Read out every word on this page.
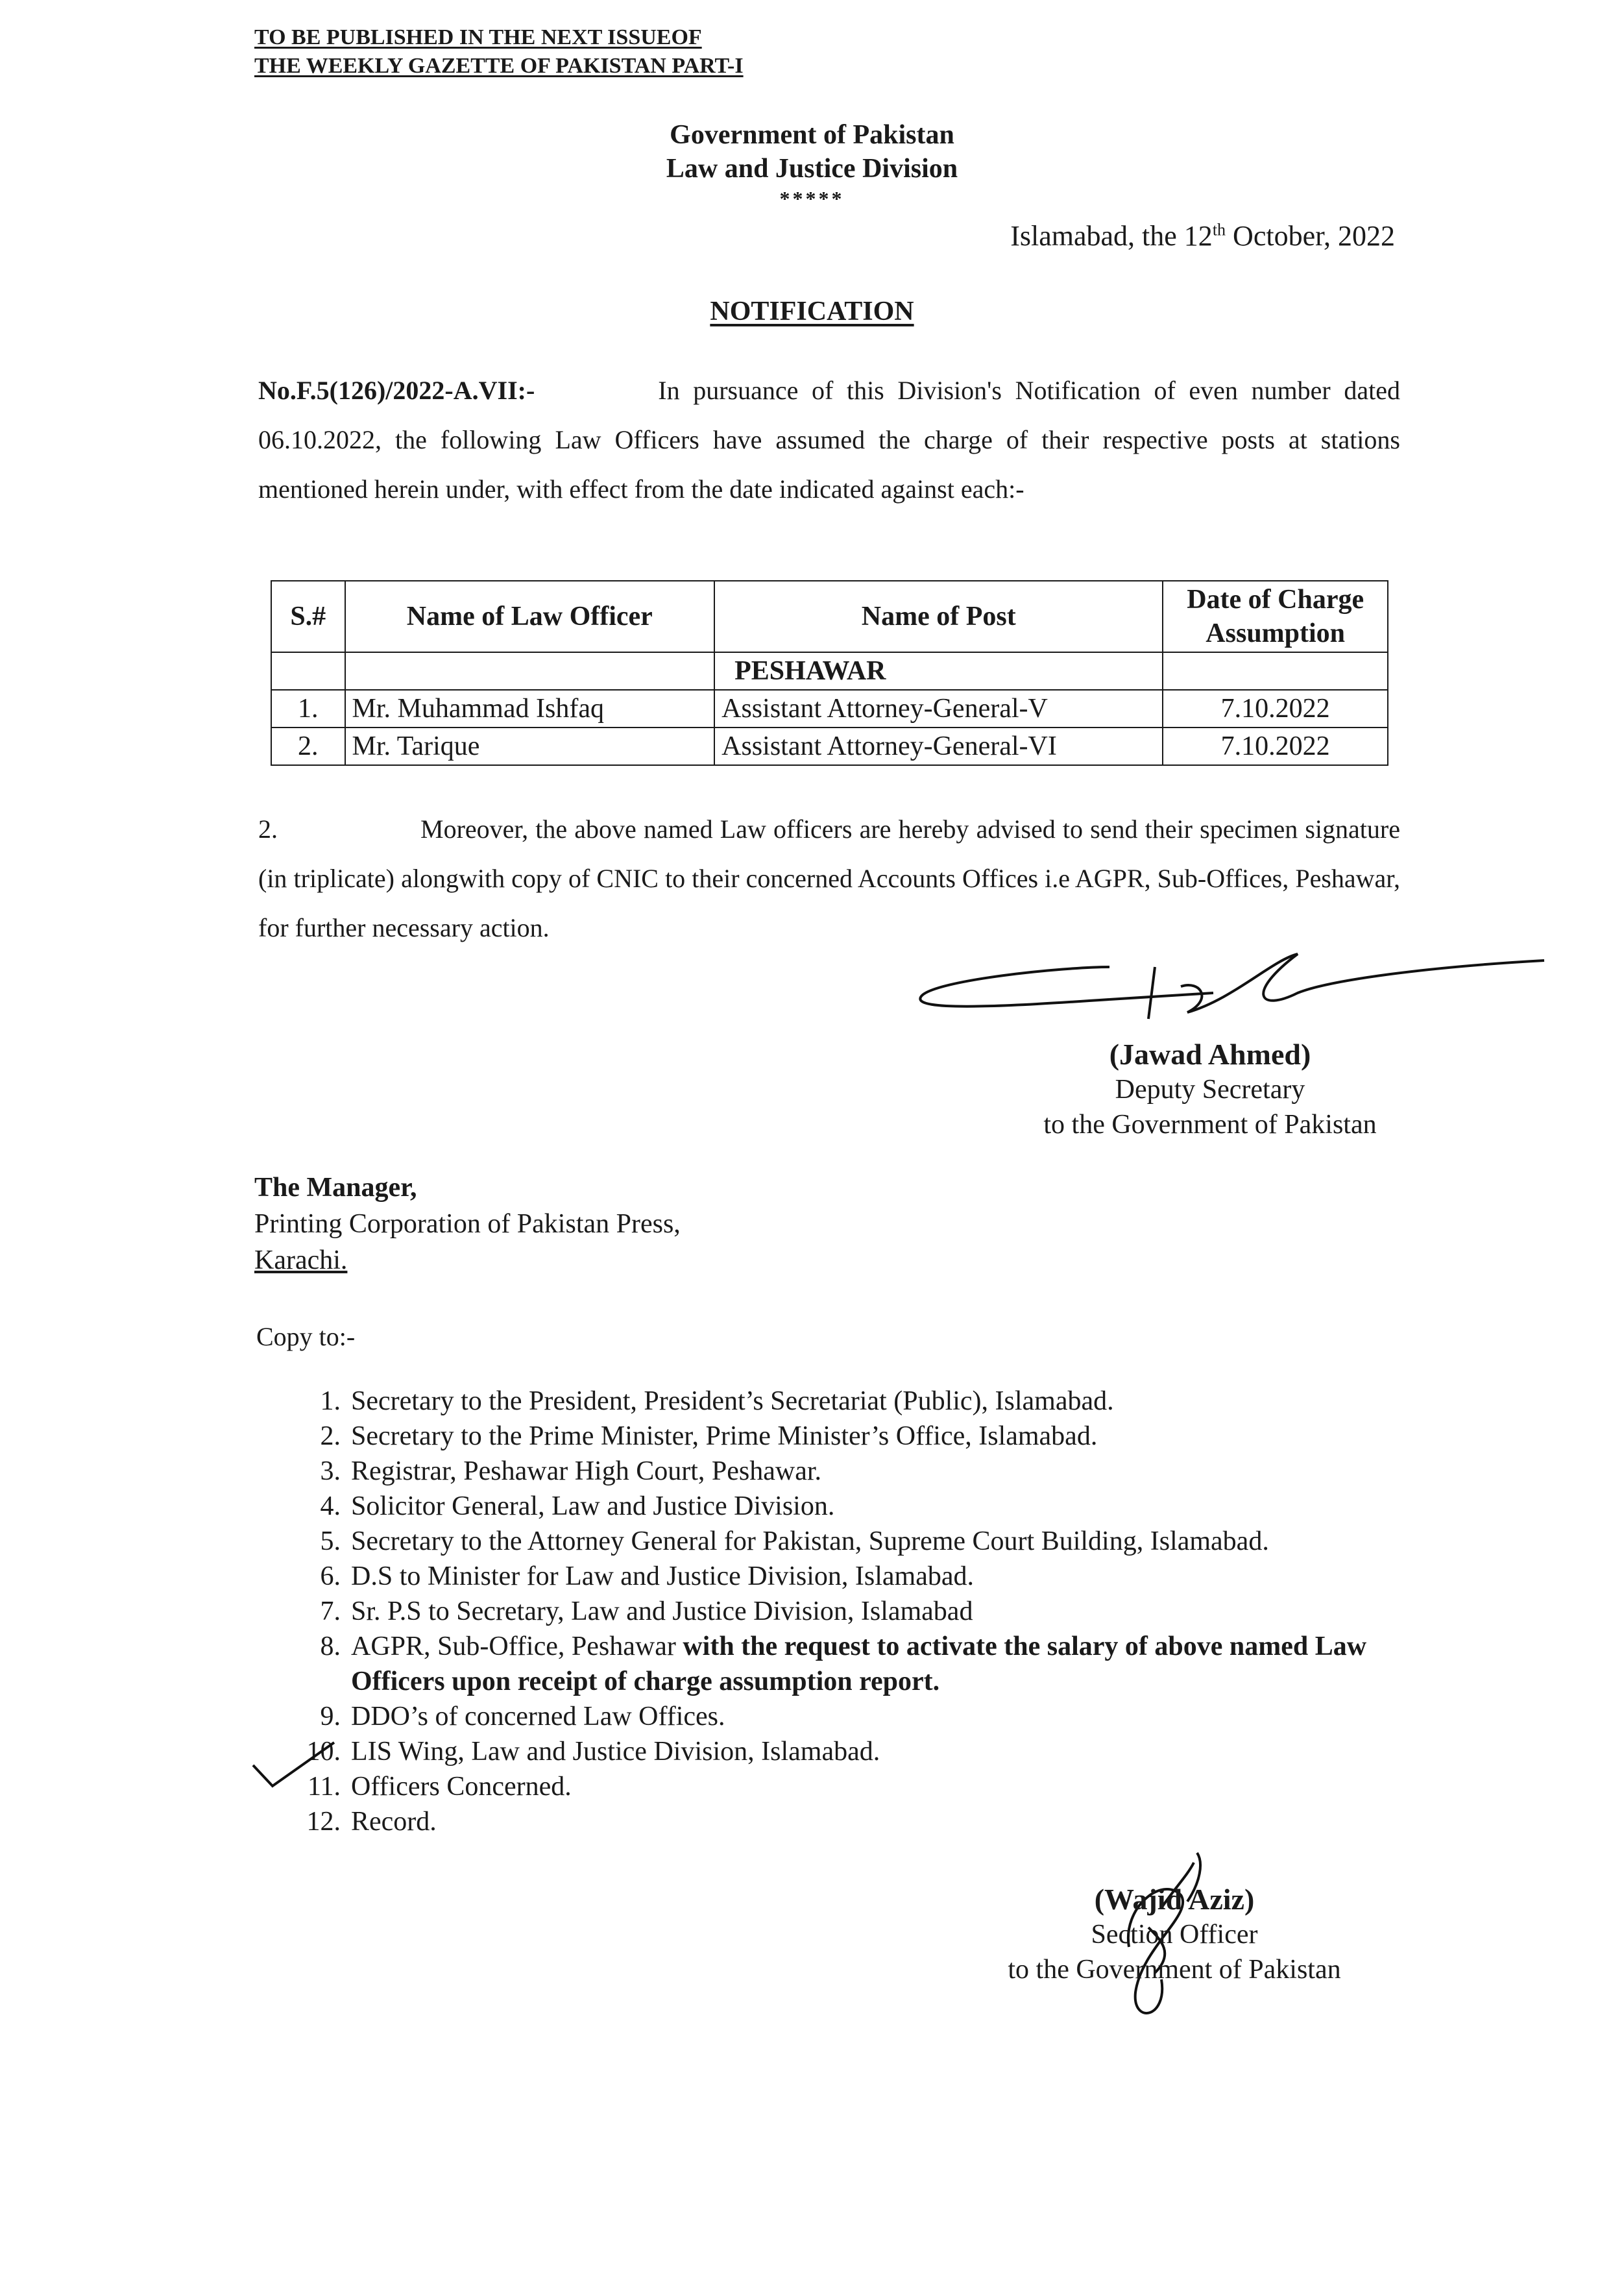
TO BE PUBLISHED IN THE NEXT ISSUEOF
THE WEEKLY GAZETTE OF PAKISTAN PART-I
Government of Pakistan
Law and Justice Division
*****
Islamabad, the 12th October, 2022
NOTIFICATION
No.F.5(126)/2022-A.VII:-	In pursuance of this Division's Notification of even number dated 06.10.2022, the following Law Officers have assumed the charge of their respective posts at stations mentioned herein under, with effect from the date indicated against each:-
S.#	Name of Law Officer	Name of Post	Date of Charge Assumption
		PESHAWAR	
1.	Mr. Muhammad Ishfaq	Assistant Attorney-General-V	7.10.2022
2.	Mr. Tarique	Assistant Attorney-General-VI	7.10.2022
2.	Moreover, the above named Law officers are hereby advised to send their specimen signature (in triplicate) alongwith copy of CNIC to their concerned Accounts Offices i.e AGPR, Sub-Offices, Peshawar, for further necessary action.
(Jawad Ahmed)
Deputy Secretary
to the Government of Pakistan
The Manager,
Printing Corporation of Pakistan Press,
Karachi.
Copy to:-
1. Secretary to the President, President’s Secretariat (Public), Islamabad.
2. Secretary to the Prime Minister, Prime Minister’s Office, Islamabad.
3. Registrar, Peshawar High Court, Peshawar.
4. Solicitor General, Law and Justice Division.
5. Secretary to the Attorney General for Pakistan, Supreme Court Building, Islamabad.
6. D.S to Minister for Law and Justice Division, Islamabad.
7. Sr. P.S to Secretary, Law and Justice Division, Islamabad
8. AGPR, Sub-Office, Peshawar with the request to activate the salary of above named Law Officers upon receipt of charge assumption report.
9. DDO’s of concerned Law Offices.
10. LIS Wing, Law and Justice Division, Islamabad.
11. Officers Concerned.
12. Record.
(Wajid Aziz)
Section Officer
to the Government of Pakistan
